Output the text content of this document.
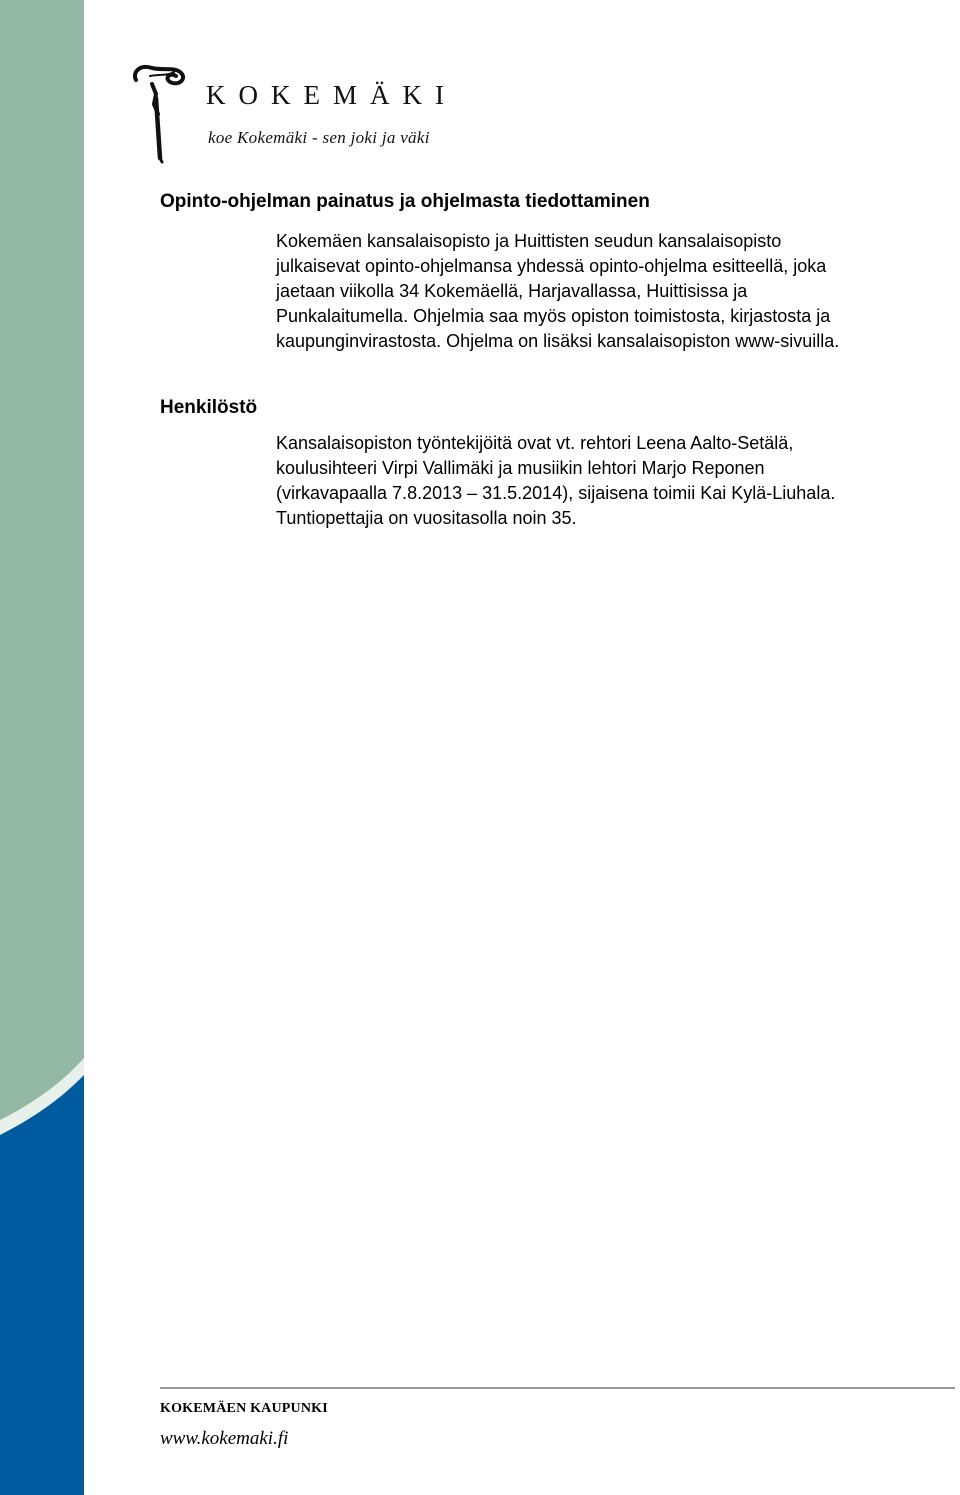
KOKEMÄKI
koe Kokemäki - sen joki ja väki
Opinto-ohjelman painatus ja ohjelmasta tiedottaminen
Kokemäen kansalaisopisto ja Huittisten seudun kansalaisopisto
julkaisevat opinto-ohjelmansa yhdessä opinto-ohjelma esitteellä, joka
jaetaan viikolla 34 Kokemäellä, Harjavallassa, Huittisissa ja
Punkalaitumella. Ohjelmia saa myös opiston toimistosta, kirjastosta ja
kaupunginvirastosta. Ohjelma on lisäksi kansalaisopiston www-sivuilla.
Henkilöstö
Kansalaisopiston työntekijöitä ovat vt. rehtori Leena Aalto-Setälä,
koulusihteeri Virpi Vallimäki ja musiikin lehtori Marjo Reponen
(virkavapaalla 7.8.2013 – 31.5.2014), sijaisena toimii Kai Kylä-Liuhala.
Tuntiopettajia on vuositasolla noin 35.
KOKEMÄEN KAUPUNKI
www.kokemaki.fi
